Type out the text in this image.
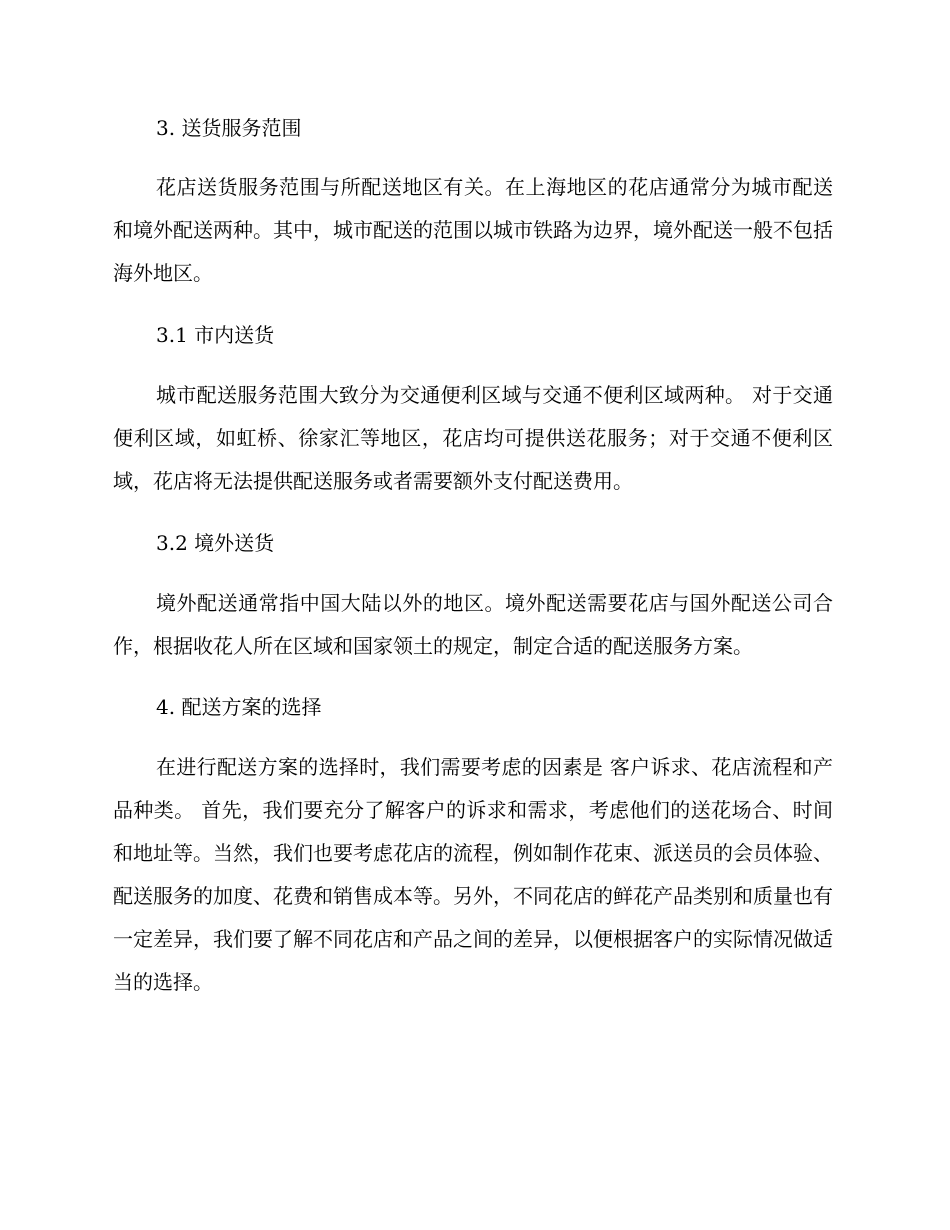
3. 送货服务范围

花店送货服务范围与所配送地区有关。在上海地区的花店通常分为城市配送和境外配送两种。其中，城市配送的范围以城市铁路为边界，境外配送一般不包括海外地区。

3.1 市内送货

城市配送服务范围大致分为交通便利区域与交通不便利区域两种。 对于交通便利区域，如虹桥、徐家汇等地区，花店均可提供送花服务；对于交通不便利区域，花店将无法提供配送服务或者需要额外支付配送费用。

3.2 境外送货

境外配送通常指中国大陆以外的地区。境外配送需要花店与国外配送公司合作，根据收花人所在区域和国家领土的规定，制定合适的配送服务方案。

4. 配送方案的选择

在进行配送方案的选择时，我们需要考虑的因素是 客户诉求、花店流程和产品种类。 首先，我们要充分了解客户的诉求和需求，考虑他们的送花场合、时间和地址等。当然，我们也要考虑花店的流程，例如制作花束、派送员的会员体验、配送服务的加度、花费和销售成本等。另外，不同花店的鲜花产品类别和质量也有一定差异，我们要了解不同花店和产品之间的差异，以便根据客户的实际情况做适当的选择。
